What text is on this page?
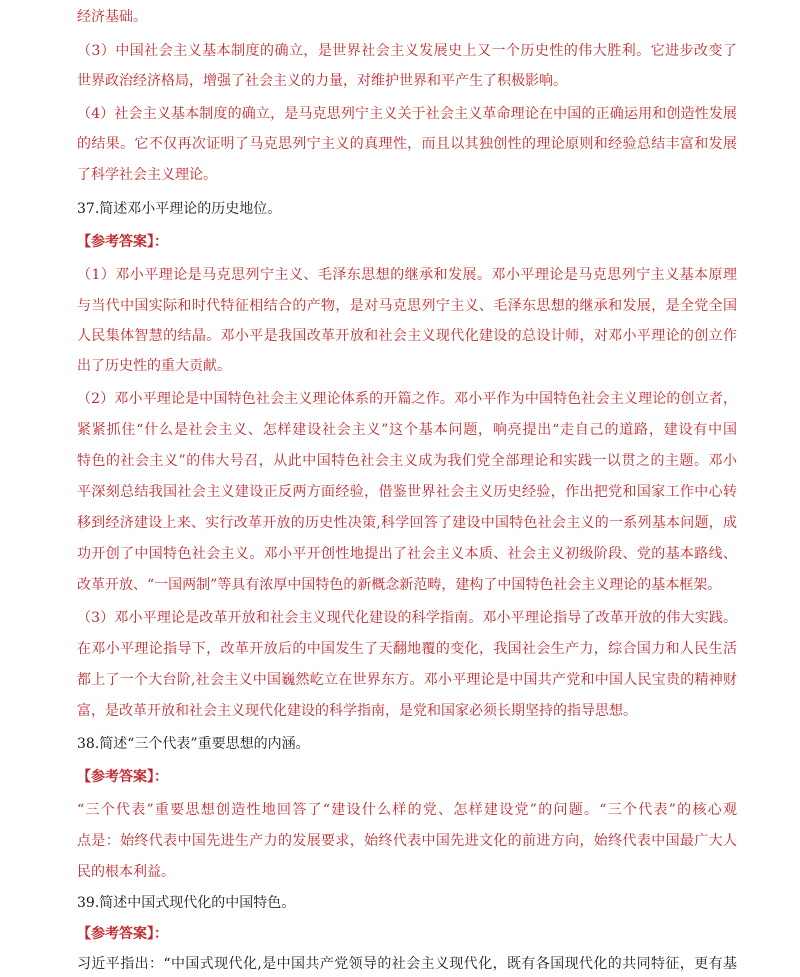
经济基础。
（3）中国社会主义基本制度的确立，是世界社会主义发展史上又一个历史性的伟大胜利。它进步改变了
世界政治经济格局，增强了社会主义的力量，对维护世界和平产生了积极影响。
（4）社会主义基本制度的确立，是马克思列宁主义关于社会主义革命理论在中国的正确运用和创造性发展
的结果。它不仅再次证明了马克思列宁主义的真理性，而且以其独创性的理论原则和经验总结丰富和发展
了科学社会主义理论。
37.简述邓小平理论的历史地位。
【参考答案】：
（1）邓小平理论是马克思列宁主义、毛泽东思想的继承和发展。邓小平理论是马克思列宁主义基本原理
与当代中国实际和时代特征相结合的产物，是对马克思列宁主义、毛泽东思想的继承和发展，是全党全国
人民集体智慧的结晶。邓小平是我国改革开放和社会主义现代化建设的总设计师，对邓小平理论的创立作
出了历史性的重大贡献。
（2）邓小平理论是中国特色社会主义理论体系的开篇之作。邓小平作为中国特色社会主义理论的创立者，
紧紧抓住“什么是社会主义、怎样建设社会主义”这个基本问题，响亮提出“走自己的道路，建设有中国
特色的社会主义”的伟大号召，从此中国特色社会主义成为我们党全部理论和实践一以贯之的主题。邓小
平深刻总结我国社会主义建设正反两方面经验，借鉴世界社会主义历史经验，作出把党和国家工作中心转
移到经济建设上来、实行改革开放的历史性决策,科学回答了建设中国特色社会主义的一系列基本问题，成
功开创了中国特色社会主义。邓小平开创性地提出了社会主义本质、社会主义初级阶段、党的基本路线、
改革开放、“一国两制”等具有浓厚中国特色的新概念新范畴，建构了中国特色社会主义理论的基本框架。
（3）邓小平理论是改革开放和社会主义现代化建设的科学指南。邓小平理论指导了改革开放的伟大实践。
在邓小平理论指导下，改革开放后的中国发生了天翻地覆的变化，我国社会生产力，综合国力和人民生活
都上了一个大台阶,社会主义中国巍然屹立在世界东方。邓小平理论是中国共产党和中国人民宝贵的精神财
富，是改革开放和社会主义现代化建设的科学指南，是党和国家必须长期坚持的指导思想。
38.简述“三个代表”重要思想的内涵。
【参考答案】：
“三个代表”重要思想创造性地回答了“建设什么样的党、怎样建设党”的问题。“三个代表”的核心观
点是：始终代表中国先进生产力的发展要求，始终代表中国先进文化的前进方向，始终代表中国最广大人
民的根本利益。
39.简述中国式现代化的中国特色。
【参考答案】：
习近平指出：“中国式现代化,是中国共产党领导的社会主义现代化，既有各国现代化的共同特征，更有基
